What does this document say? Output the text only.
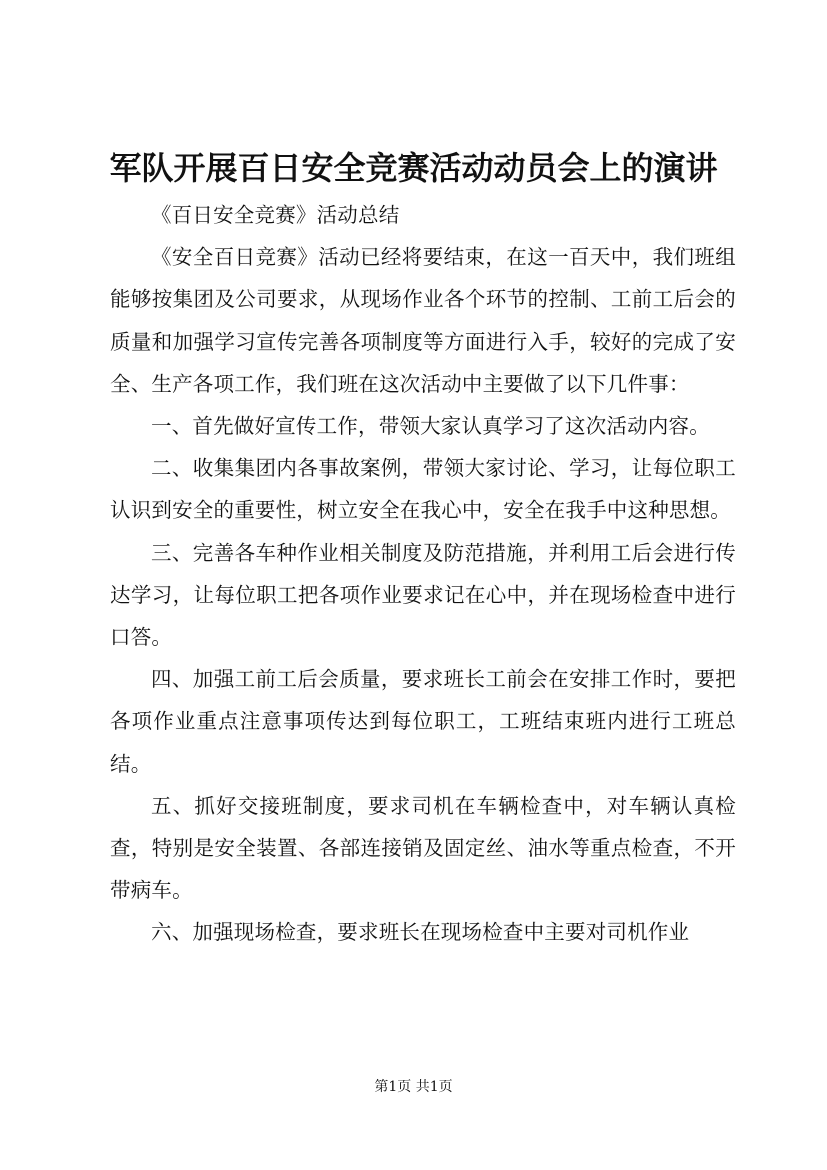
军队开展百日安全竞赛活动动员会上的演讲

《百日安全竞赛》活动总结

《安全百日竞赛》活动已经将要结束，在这一百天中，我们班组能够按集团及公司要求，从现场作业各个环节的控制、工前工后会的质量和加强学习宣传完善各项制度等方面进行入手，较好的完成了安全、生产各项工作，我们班在这次活动中主要做了以下几件事：

一、首先做好宣传工作，带领大家认真学习了这次活动内容。

二、收集集团内各事故案例，带领大家讨论、学习，让每位职工认识到安全的重要性，树立安全在我心中，安全在我手中这种思想。

三、完善各车种作业相关制度及防范措施，并利用工后会进行传达学习，让每位职工把各项作业要求记在心中，并在现场检查中进行口答。

四、加强工前工后会质量，要求班长工前会在安排工作时，要把各项作业重点注意事项传达到每位职工，工班结束班内进行工班总结。

五、抓好交接班制度，要求司机在车辆检查中，对车辆认真检查，特别是安全装置、各部连接销及固定丝、油水等重点检查，不开带病车。

六、加强现场检查，要求班长在现场检查中主要对司机作业

第1页 共1页
